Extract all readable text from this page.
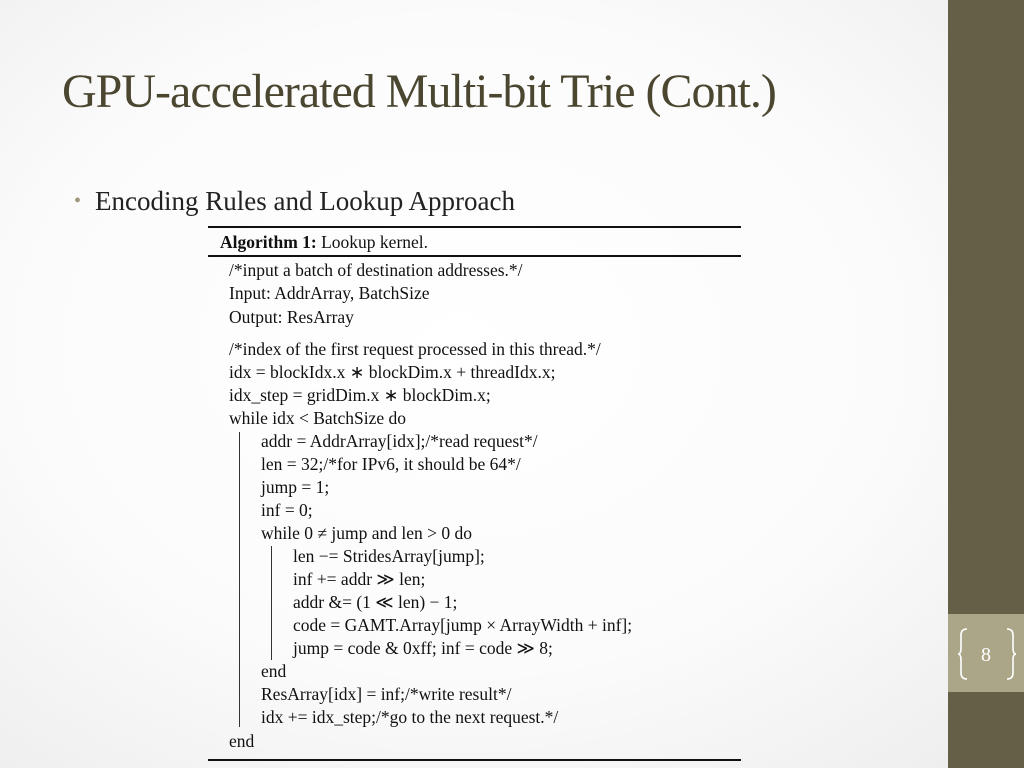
8
GPU-accelerated Multi-bit Trie (Cont.)
• Encoding Rules and Lookup Approach
Algorithm 1: Lookup kernel.
/*input a batch of destination addresses.*/
Input: AddrArray, BatchSize
Output: ResArray
/*index of the first request processed in this thread.*/
idx = blockIdx.x ∗ blockDim.x + threadIdx.x;
idx_step = gridDim.x ∗ blockDim.x;
while idx < BatchSize do
addr = AddrArray[idx];/*read request*/
len = 32;/*for IPv6, it should be 64*/
jump = 1;
inf = 0;
while 0 ≠ jump and len > 0 do
len −= StridesArray[jump];
inf += addr ≫ len;
addr &= (1 ≪ len) − 1;
code = GAMT.Array[jump × ArrayWidth + inf];
jump = code & 0xff; inf = code ≫ 8;
end
ResArray[idx] = inf;/*write result*/
idx += idx_step;/*go to the next request.*/
end
